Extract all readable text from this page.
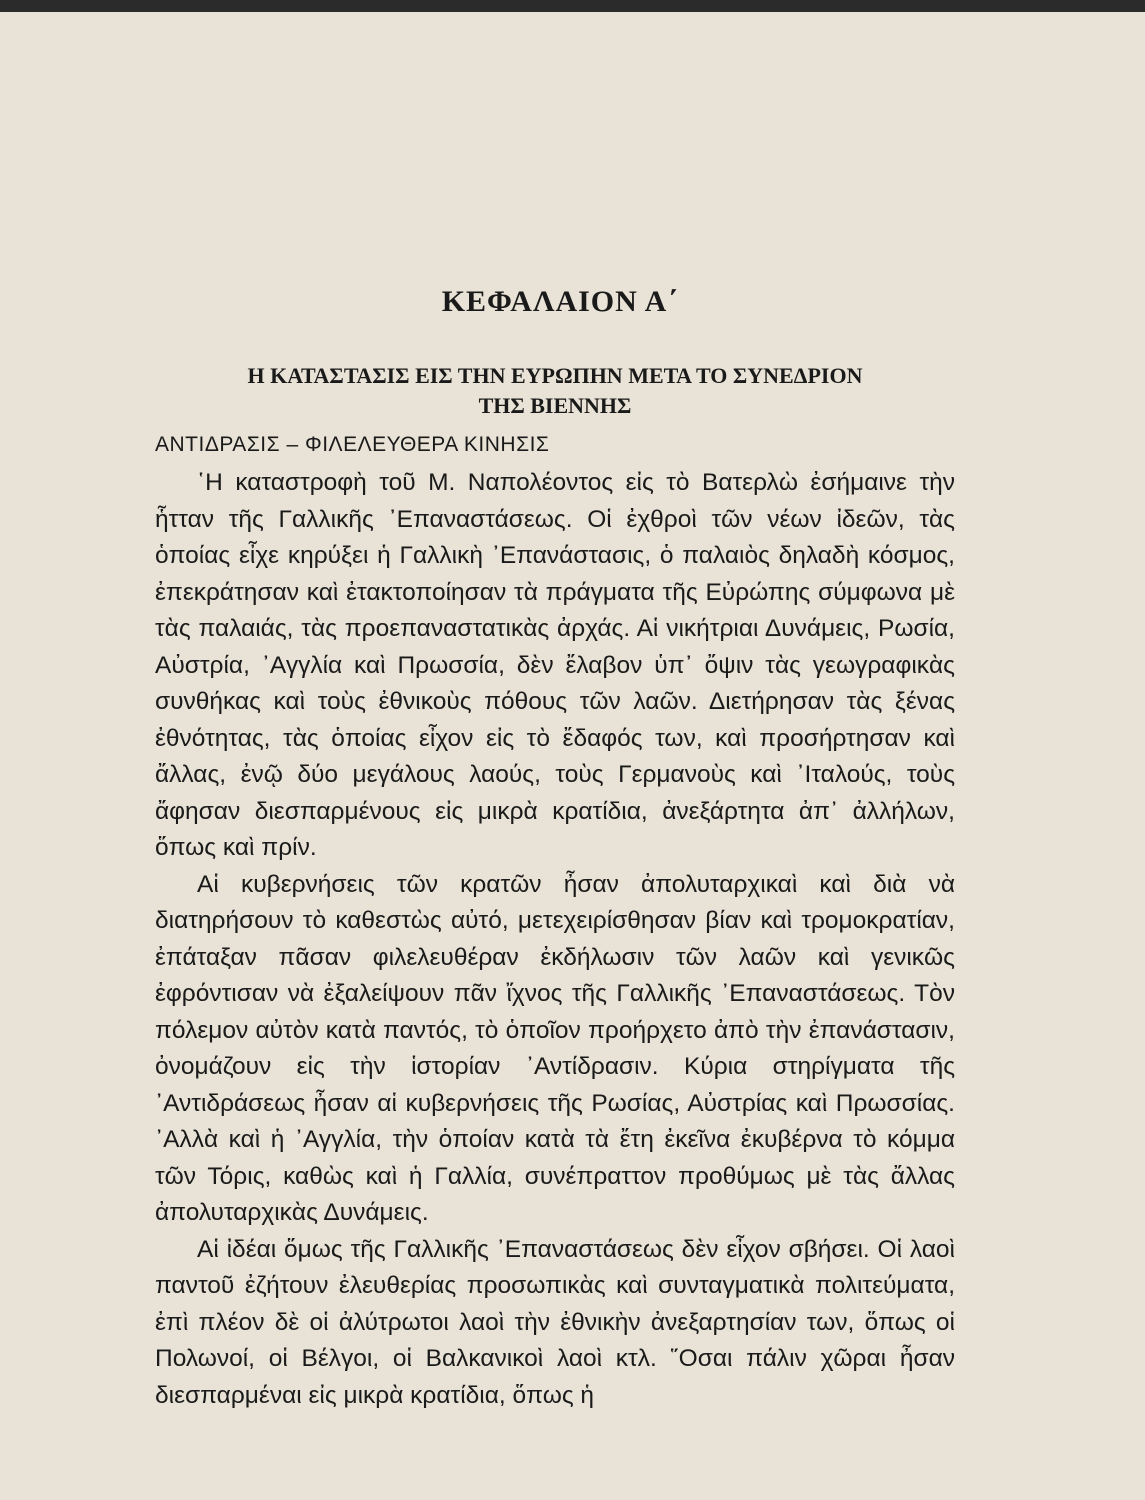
ΚΕΦΑΛΑΙΟΝ Α΄
Η ΚΑΤΑΣΤΑΣΙΣ ΕΙΣ ΤΗΝ ΕΥΡΩΠΗΝ ΜΕΤΑ ΤΟ ΣΥΝΕΔΡΙΟΝ
ΤΗΣ ΒΙΕΝΝΗΣ
ΑΝΤΙΔΡΑΣΙΣ – ΦΙΛΕΛΕΥΘΕΡΑ ΚΙΝΗΣΙΣ

῾Η καταστροφὴ τοῦ Μ. Ναπολέοντος εἰς τὸ Βατερλὼ ἐσήμαινε τὴν ἧτταν τῆς Γαλλικῆς ᾿Επαναστάσεως. Οἱ ἐχθροὶ τῶν νέων ἰδεῶν, τὰς ὁποίας εἶχε κηρύξει ἡ Γαλλικὴ ᾿Επανάστασις, ὁ παλαιὸς δηλαδὴ κόσμος, ἐπεκράτησαν καὶ ἐτακτοποίησαν τὰ πράγματα τῆς Εὐρώπης σύμφωνα μὲ τὰς παλαιάς, τὰς προεπαναστατικὰς ἀρχάς. Αἱ νικήτριαι Δυνάμεις, Ρωσία, Αὐστρία, ᾿Αγγλία καὶ Πρωσσία, δὲν ἔλαβον ὑπ᾿ ὄψιν τὰς γεωγραφικὰς συνθήκας καὶ τοὺς ἐθνικοὺς πόθους τῶν λαῶν. Διετήρησαν τὰς ξένας ἐθνότητας, τὰς ὁποίας εἶχον εἰς τὸ ἔδαφός των, καὶ προσήρτησαν καὶ ἄλλας, ἐνῷ δύο μεγάλους λαούς, τοὺς Γερμανοὺς καὶ ᾿Ιταλούς, τοὺς ἄφησαν διεσπαρμένους εἰς μικρὰ κρατίδια, ἀνεξάρτητα ἀπ᾿ ἀλλήλων, ὅπως καὶ πρίν.

Αἱ κυβερνήσεις τῶν κρατῶν ἦσαν ἀπολυταρχικαὶ καὶ διὰ νὰ διατηρήσουν τὸ καθεστὼς αὐτό, μετεχειρίσθησαν βίαν καὶ τρομοκρατίαν, ἐπάταξαν πᾶσαν φιλελευθέραν ἐκδήλωσιν τῶν λαῶν καὶ γενικῶς ἐφρόντισαν νὰ ἐξαλείψουν πᾶν ἴχνος τῆς Γαλλικῆς ᾿Επαναστάσεως. Τὸν πόλεμον αὐτὸν κατὰ παντός, τὸ ὁποῖον προήρχετο ἀπὸ τὴν ἐπανάστασιν, ὀνομάζουν εἰς τὴν ἱστορίαν ᾿Αντίδρασιν. Κύρια στηρίγματα τῆς ᾿Αντιδράσεως ἦσαν αἱ κυβερνήσεις τῆς Ρωσίας, Αὐστρίας καὶ Πρωσσίας. ᾿Αλλὰ καὶ ἡ ᾿Αγγλία, τὴν ὁποίαν κατὰ τὰ ἔτη ἐκεῖνα ἐκυβέρνα τὸ κόμμα τῶν Τόρις, καθὼς καὶ ἡ Γαλλία, συνέπραττον προθύμως μὲ τὰς ἄλλας ἀπολυταρχικὰς Δυνάμεις.

Αἱ ἰδέαι ὅμως τῆς Γαλλικῆς ᾿Επαναστάσεως δὲν εἶχον σβήσει. Οἱ λαοὶ παντοῦ ἐζήτουν ἐλευθερίας προσωπικὰς καὶ συνταγματικὰ πολιτεύματα, ἐπὶ πλέον δὲ οἱ ἀλύτρωτοι λαοὶ τὴν ἐθνικὴν ἀνεξαρτησίαν των, ὅπως οἱ Πολωνοί, οἱ Βέλγοι, οἱ Βαλκανικοὶ λαοὶ κτλ. ῞Οσαι πάλιν χῶραι ἦσαν διεσπαρμέναι εἰς μικρὰ κρατίδια, ὅπως ἡ
